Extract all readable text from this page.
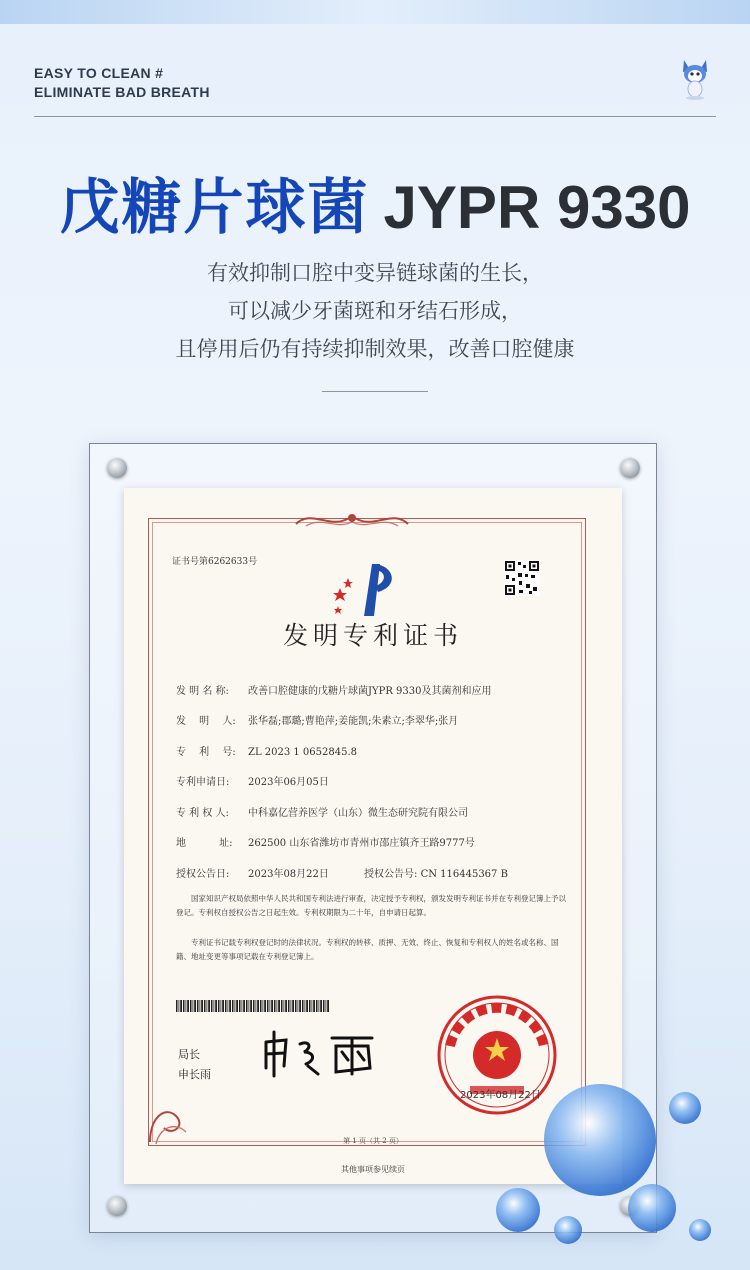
EASY TO CLEAN #
ELIMINATE BAD BREATH
戊糖片球菌 JYPR 9330
有效抑制口腔中变异链球菌的生长，
可以减少牙菌斑和牙结石形成，
且停用后仍有持续抑制效果，改善口腔健康
证书号第6262633号
发明专利证书
发 明 名 称: 改善口腔健康的戊糖片球菌JYPR 9330及其菌剂和应用
发　 明　 人: 张华磊;郡璐;曹艳萍;姜能凯;朱素立;李翠华;张月
专　 利　 号: ZL 2023 1 0652845.8
专利申请日: 2023年06月05日
专 利 权 人: 中科嘉亿营养医学（山东）微生态研究院有限公司
地　　　 址: 262500 山东省潍坊市青州市邵庄镇齐王路9777号
授权公告日: 2023年08月22日	授权公告号: CN 116445367 B
国家知识产权局依照中华人民共和国专利法进行审查，决定授予专利权，颁发发明专利证书并在专利登记簿上予以登记。专利权自授权公告之日起生效。专利权期限为二十年，自申请日起算。
专利证书记载专利权登记时的法律状况。专利权的转移、质押、无效、终止、恢复和专利权人的姓名或名称、国籍、地址变更等事项记载在专利登记簿上。
局长
申长雨
2023年08月22日
第 1 页（共 2 页）
其他事项参见续页
